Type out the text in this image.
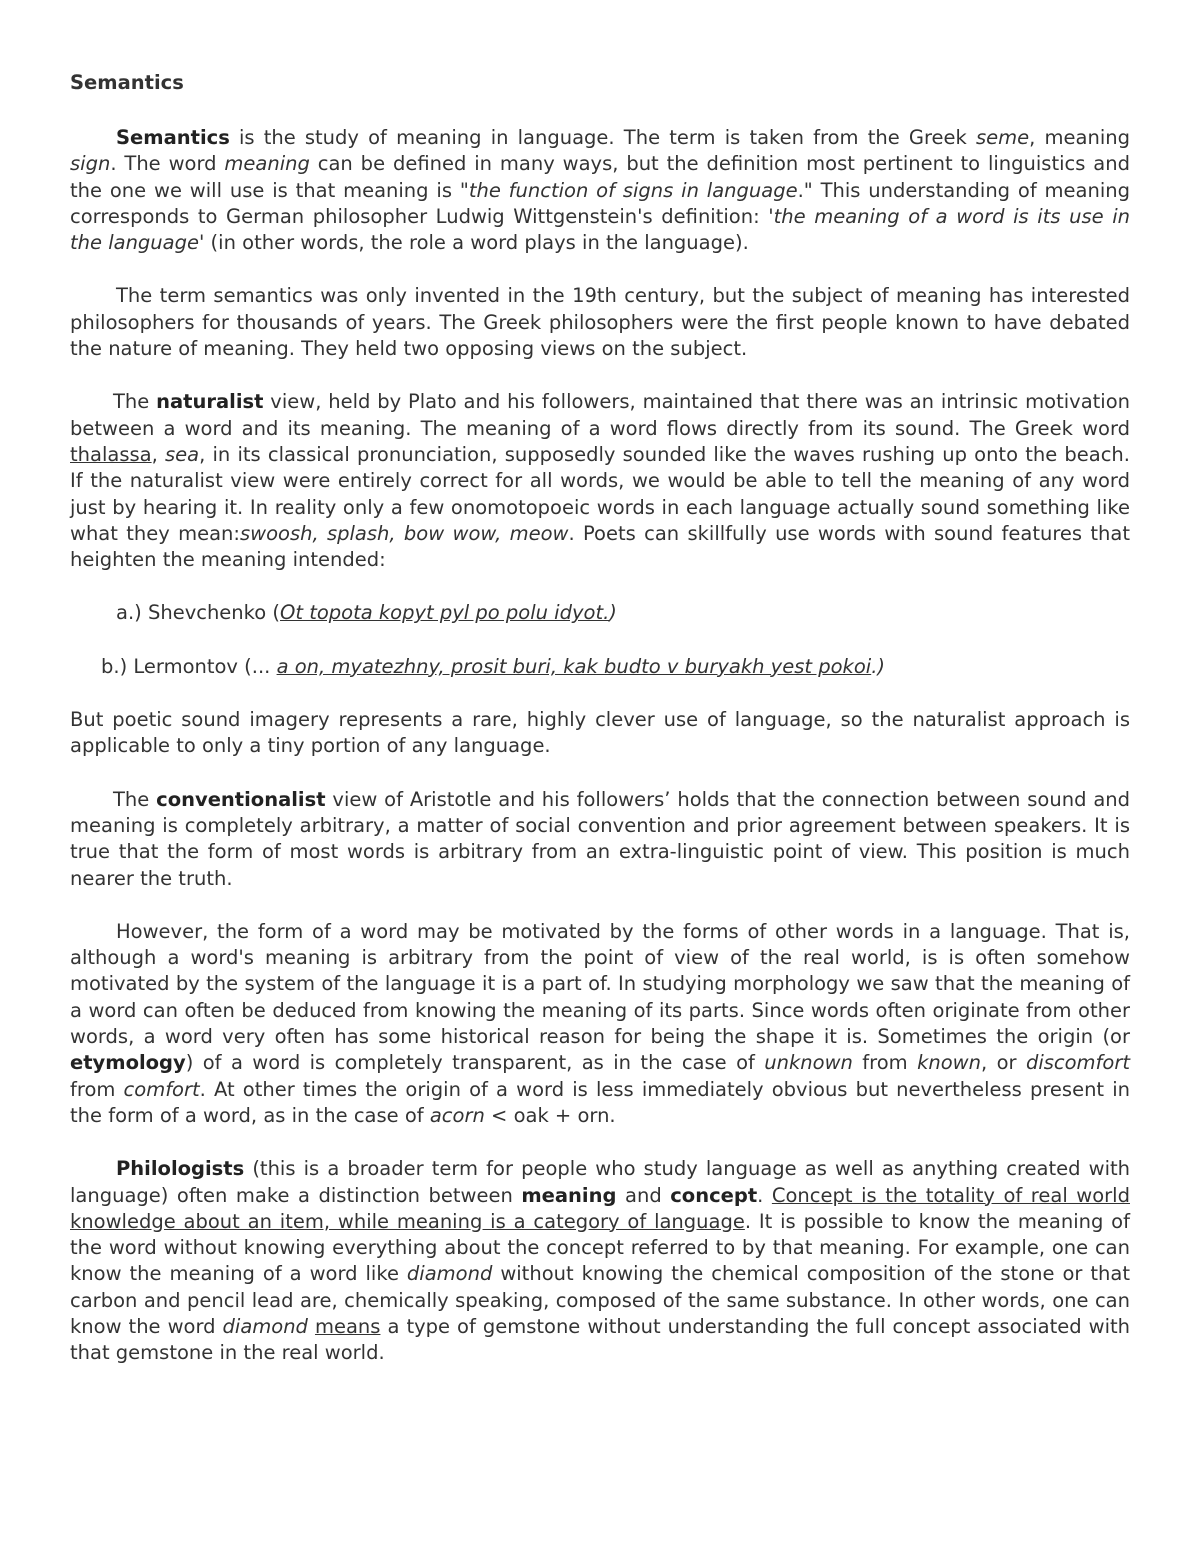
Semantics

Semantics is the study of meaning in language. The term is taken from the Greek seme, meaning sign. The word meaning can be defined in many ways, but the definition most pertinent to linguistics and the one we will use is that meaning is "the function of signs in language." This understanding of meaning corresponds to German philosopher Ludwig Wittgenstein's definition: 'the meaning of a word is its use in the language' (in other words, the role a word plays in the language).

The term semantics was only invented in the 19th century, but the subject of meaning has interested philosophers for thousands of years. The Greek philosophers were the first people known to have debated the nature of meaning. They held two opposing views on the subject.

The naturalist view, held by Plato and his followers, maintained that there was an intrinsic motivation between a word and its meaning. The meaning of a word flows directly from its sound. The Greek word thalassa, sea, in its classical pronunciation, supposedly sounded like the waves rushing up onto the beach. If the naturalist view were entirely correct for all words, we would be able to tell the meaning of any word just by hearing it. In reality only a few onomotopoeic words in each language actually sound something like what they mean:swoosh, splash, bow wow, meow. Poets can skillfully use words with sound features that heighten the meaning intended:

a.) Shevchenko (Ot topota kopyt pyl po polu idyot.)

b.) Lermontov (... a on, myatezhny, prosit buri, kak budto v buryakh yest pokoi.)

But poetic sound imagery represents a rare, highly clever use of language, so the naturalist approach is applicable to only a tiny portion of any language.

The conventionalist view of Aristotle and his followers’ holds that the connection between sound and meaning is completely arbitrary, a matter of social convention and prior agreement between speakers. It is true that the form of most words is arbitrary from an extra-linguistic point of view. This position is much nearer the truth.

However, the form of a word may be motivated by the forms of other words in a language. That is, although a word's meaning is arbitrary from the point of view of the real world, is is often somehow motivated by the system of the language it is a part of. In studying morphology we saw that the meaning of a word can often be deduced from knowing the meaning of its parts. Since words often originate from other words, a word very often has some historical reason for being the shape it is. Sometimes the origin (or etymology) of a word is completely transparent, as in the case of unknown from known, or discomfort from comfort. At other times the origin of a word is less immediately obvious but nevertheless present in the form of a word, as in the case of acorn < oak + orn.

Philologists (this is a broader term for people who study language as well as anything created with language) often make a distinction between meaning and concept. Concept is the totality of real world knowledge about an item, while meaning is a category of language. It is possible to know the meaning of the word without knowing everything about the concept referred to by that meaning. For example, one can know the meaning of a word like diamond without knowing the chemical composition of the stone or that carbon and pencil lead are, chemically speaking, composed of the same substance. In other words, one can know the word diamond means a type of gemstone without understanding the full concept associated with that gemstone in the real world.
